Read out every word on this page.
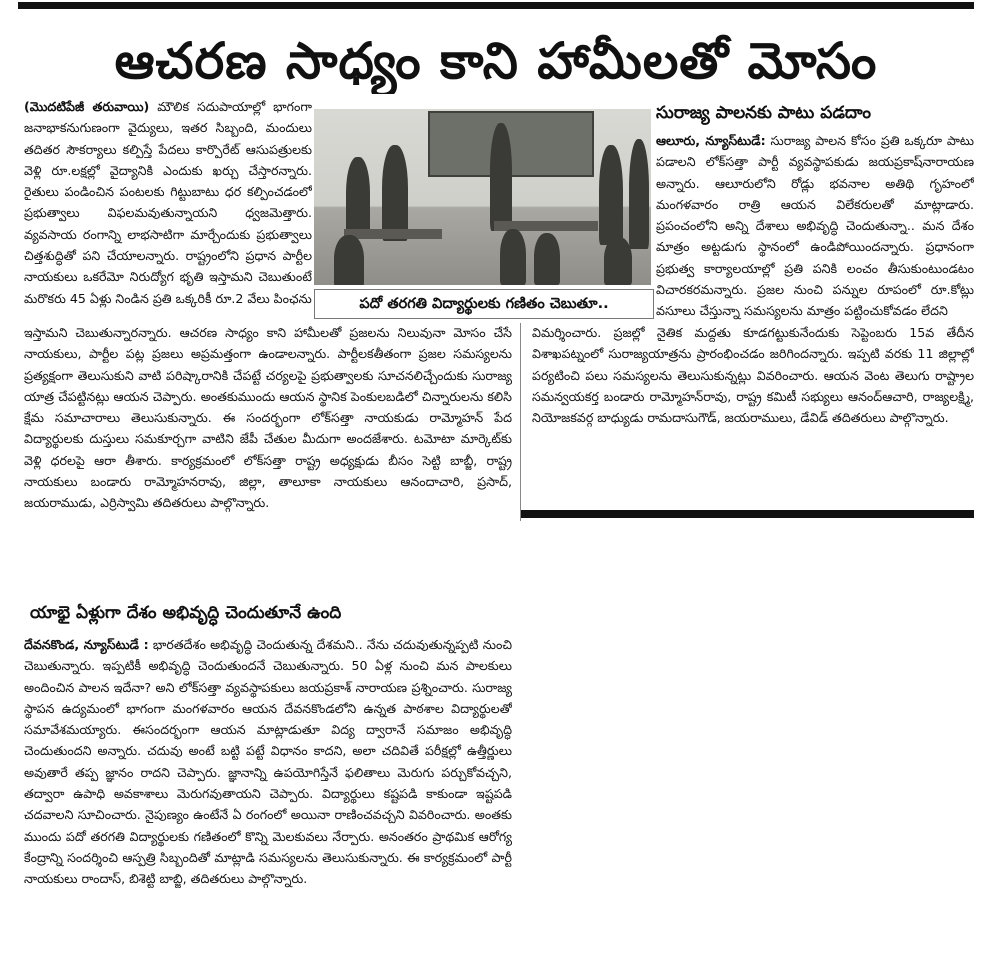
ఆచరణ సాధ్యం కాని హామీలతో మోసం

(మొదటిపేజీ తరువాయి) మౌలిక సదుపాయాల్లో భాగంగా జనాభాకనుగుణంగా వైద్యులు, ఇతర సిబ్బంది, మందులు తదితర సౌకర్యాలు కల్పిస్తే పేదలు కార్పొరేట్ ఆసుపత్రులకు వెళ్లి రూ.లక్షల్లో వైద్యానికి ఎందుకు ఖర్చు చేస్తారన్నారు. రైతులు పండించిన పంటలకు గిట్టుబాటు ధర కల్పించడంలో ప్రభుత్వాలు విఫలమవుతున్నాయని ధ్వజమెత్తారు. వ్యవసాయ రంగాన్ని లాభసాటిగా మార్చేందుకు ప్రభుత్వాలు చిత్తశుద్ధితో పని చేయాలన్నారు. రాష్ట్రంలోని ప్రధాన పార్టీల నాయకులు ఒకరేమో నిరుద్యోగ భృతి ఇస్తామని చెబుతుంటే మరొకరు 45 ఏళ్లు నిండిన ప్రతి ఒక్కరికీ రూ.2 వేలు పింఛను

ఇస్తామని చెబుతున్నారన్నారు. ఆచరణ సాధ్యం కాని హామీలతో ప్రజలను నిలువునా మోసం చేసే నాయకులు, పార్టీల పట్ల ప్రజలు అప్రమత్తంగా ఉండాలన్నారు. పార్టీలకతీతంగా ప్రజల సమస్యలను ప్రత్యక్షంగా తెలుసుకుని వాటి పరిష్కారానికి చేపట్టే చర్యలపై ప్రభుత్వాలకు సూచనలిచ్చేందుకు సురాజ్య యాత్ర చేపట్టినట్లు ఆయన చెప్పారు. అంతకుముందు ఆయన స్థానిక పెంకులబడిలో చిన్నారులను కలిసి క్షేమ సమాచారాలు తెలుసుకున్నారు. ఈ సందర్భంగా లోక్‌సత్తా నాయకుడు రామ్మోహన్ పేద విద్యార్థులకు దుస్తులు సమకూర్చగా వాటిని జేపీ చేతుల మీదుగా అందజేశారు. టమోటా మార్కెట్‌కు వెళ్లి ధరలపై ఆరా తీశారు. కార్యక్రమంలో లోక్‌సత్తా రాష్ట్ర అధ్యక్షుడు బీసం సెట్టి బాబ్జీ, రాష్ట్ర నాయకులు బండారు రామ్మోహనరావు, జిల్లా, తాలూకా నాయకులు ఆనందాచారి, ప్రసాద్, జయరాముడు, ఎర్రిస్వామి తదితరులు పాల్గొన్నారు.

పదో తరగతి విద్యార్థులకు గణితం చెబుతూ..
సురాజ్య పాలనకు పాటు పడదాం

ఆలూరు, న్యూస్‌టుడే: సురాజ్య పాలన కోసం ప్రతి ఒక్కరూ పాటు పడాలని లోక్‌సత్తా పార్టీ వ్యవస్థాపకుడు జయప్రకాష్‌నారాయణ అన్నారు. ఆలూరులోని రోడ్లు భవనాల అతిథి గృహంలో మంగళవారం రాత్రి ఆయన విలేకరులతో మాట్లాడారు. ప్రపంచంలోని అన్ని దేశాలు అభివృద్ధి చెందుతున్నా.. మన దేశం మాత్రం అట్టడుగు స్థానంలో ఉండిపోయిందన్నారు. ప్రధానంగా ప్రభుత్వ కార్యాలయాల్లో ప్రతి పనికి లంచం తీసుకుంటుండటం విచారకరమన్నారు. ప్రజల నుంచి పన్నుల రూపంలో రూ.కోట్లు వసూలు చేస్తున్నా సమస్యలను మాత్రం పట్టించుకోవడం లేదని

విమర్శించారు. ప్రజల్లో నైతిక మద్దతు కూడగట్టుకునేందుకు సెప్టెంబరు 15వ తేదీన విశాఖపట్నంలో సురాజ్యయాత్రను ప్రారంభించడం జరిగిందన్నారు. ఇప్పటి వరకు 11 జిల్లాల్లో పర్యటించి పలు సమస్యలను తెలుసుకున్నట్లు వివరించారు. ఆయన వెంట తెలుగు రాష్ట్రాల సమన్వయకర్త బండారు రామ్మోహన్‌రావు, రాష్ట్ర కమిటీ సభ్యులు ఆనంద్‌ఆచారి, రాజ్యలక్ష్మి, నియోజకవర్గ బాధ్యుడు రామదాసుగౌడ్, జయరాములు, డేవిడ్ తదితరులు పాల్గొన్నారు.

యాభై ఏళ్లుగా దేశం అభివృద్ధి చెందుతూనే ఉంది

దేవనకొండ, న్యూస్‌టుడే : భారతదేశం అభివృద్ధి చెందుతున్న దేశమని.. నేను చదువుతున్నప్పటి నుంచి చెబుతున్నారు. ఇప్పటికీ అభివృద్ధి చెందుతుందనే చెబుతున్నారు. 50 ఏళ్ల నుంచి మన పాలకులు అందించిన పాలన ఇదేనా? అని లోక్‌సత్తా వ్యవస్థాపకులు జయప్రకాశ్ నారాయణ ప్రశ్నించారు. సురాజ్య స్థాపన ఉద్యమంలో భాగంగా మంగళవారం ఆయన దేవనకొండలోని ఉన్నత పాఠశాల విద్యార్థులతో సమావేశమయ్యారు. ఈసందర్భంగా ఆయన మాట్లాడుతూ విద్య ద్వారానే సమాజం అభివృద్ధి చెందుతుందని అన్నారు. చదువు అంటే బట్టి పట్టే విధానం కాదని, అలా చదివితే పరీక్షల్లో ఉత్తీర్ణులు అవుతారే తప్ప జ్ఞానం రాదని చెప్పారు. జ్ఞానాన్ని ఉపయోగిస్తేనే ఫలితాలు మెరుగు పర్చుకోవచ్చని, తద్వారా ఉపాధి అవకాశాలు మెరుగవుతాయని చెప్పారు. విద్యార్థులు కష్టపడి కాకుండా ఇష్టపడి చదవాలని సూచించారు. నైపుణ్యం ఉంటేనే ఏ రంగంలో అయినా రాణించవచ్చని వివరించారు. అంతకు ముందు పదో తరగతి విద్యార్థులకు గణితంలో కొన్ని మెలకువలు నేర్పారు. అనంతరం ప్రాథమిక ఆరోగ్య కేంద్రాన్ని సందర్శించి ఆస్పత్రి సిబ్బందితో మాట్లాడి సమస్యలను తెలుసుకున్నారు. ఈ కార్యక్రమంలో పార్టీ నాయకులు రాందాస్, బిశెట్టి బాబ్జి, తదితరులు పాల్గొన్నారు.
